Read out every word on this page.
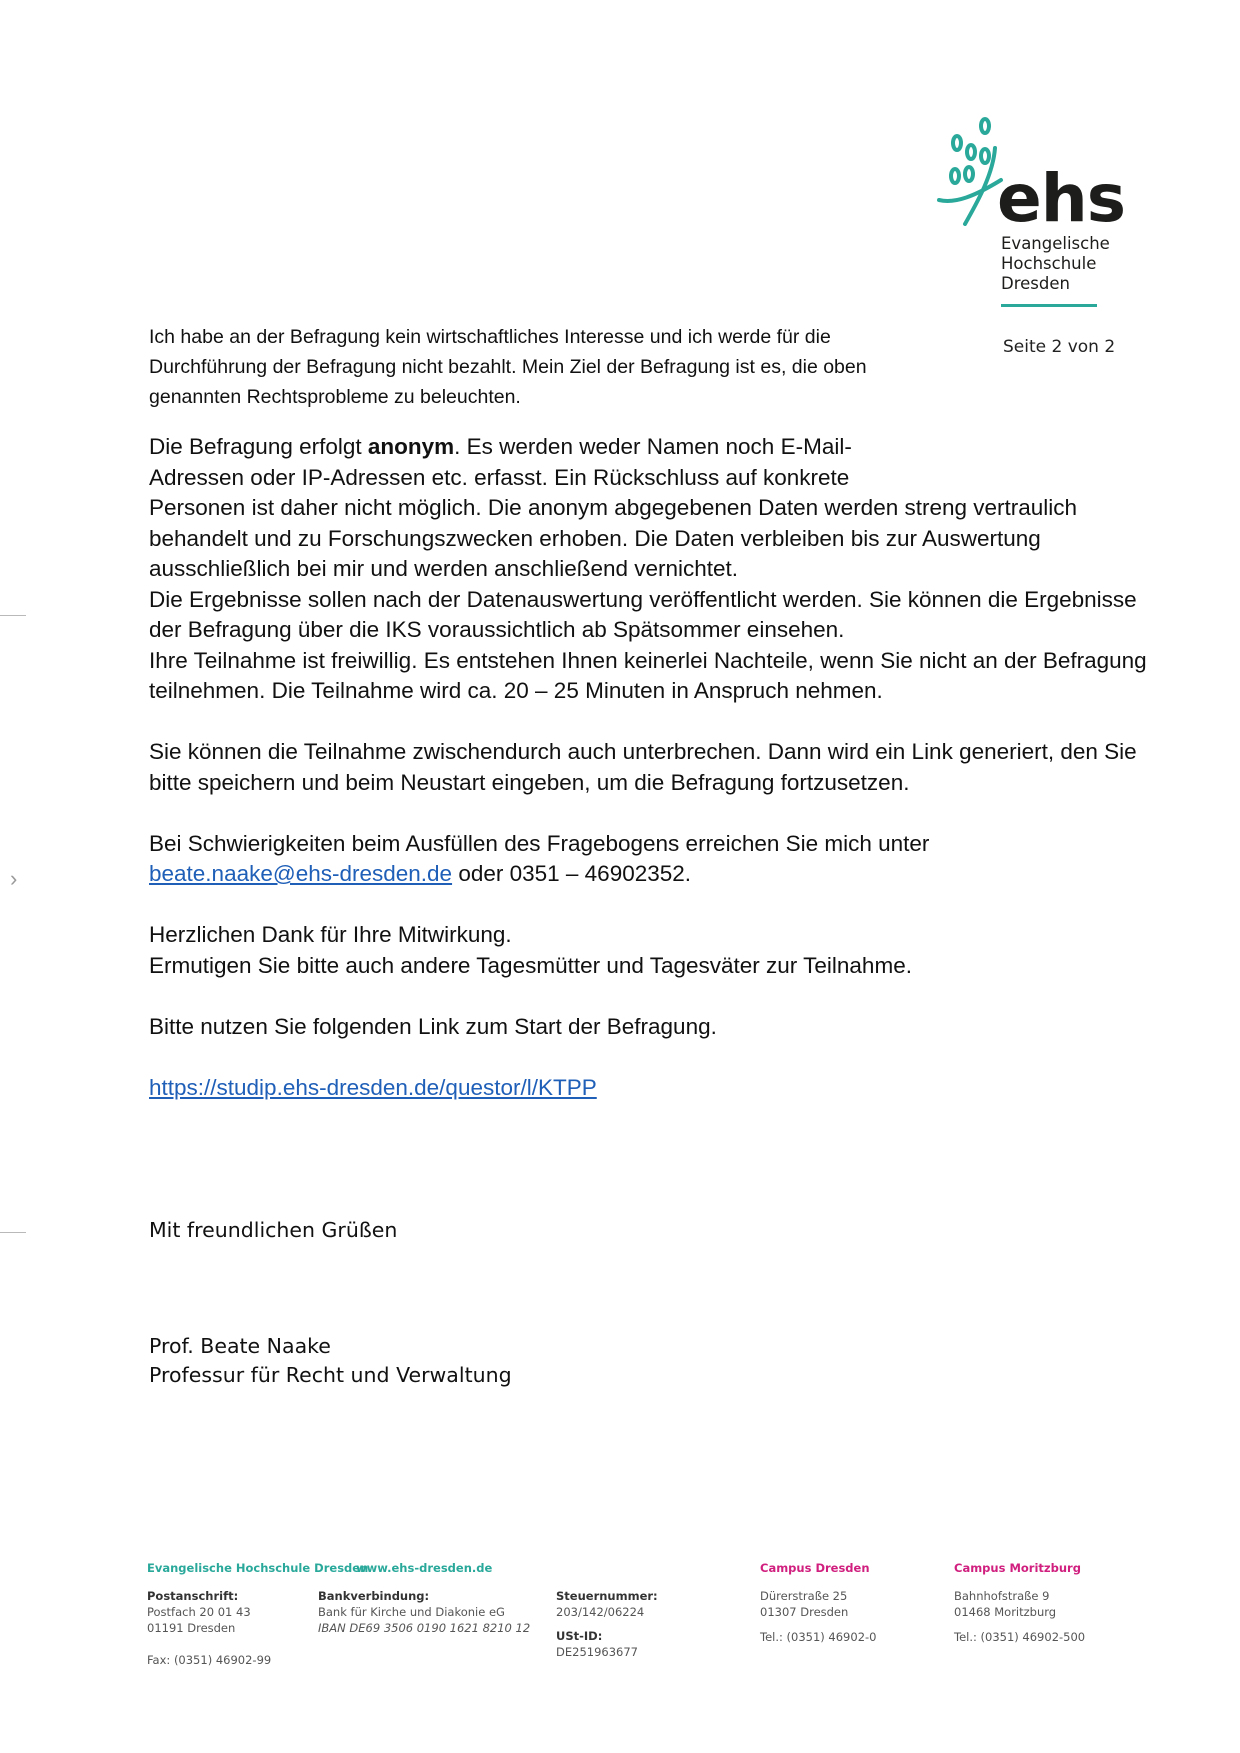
ehs
Evangelische
Hochschule
Dresden
Seite 2 von 2
Ich habe an der Befragung kein wirtschaftliches Interesse und ich werde für die Durchführung der Befragung nicht bezahlt. Mein Ziel der Befragung ist es, die oben genannten Rechtsprobleme zu beleuchten.

Die Befragung erfolgt anonym. Es werden weder Namen noch E-Mail-

Adressen oder IP-Adressen etc. erfasst. Ein Rückschluss auf konkrete

Personen ist daher nicht möglich. Die anonym abgegebenen Daten werden streng vertraulich behandelt und zu Forschungszwecken erhoben. Die Daten verbleiben bis zur Auswertung ausschließlich bei mir und werden anschließend vernichtet.

Die Ergebnisse sollen nach der Datenauswertung veröffentlicht werden. Sie können die Ergebnisse der Befragung über die IKS voraussichtlich ab Spätsommer einsehen.

Ihre Teilnahme ist freiwillig. Es entstehen Ihnen keinerlei Nachteile, wenn Sie nicht an der Befragung teilnehmen. Die Teilnahme wird ca. 20 – 25 Minuten in Anspruch nehmen.

Sie können die Teilnahme zwischendurch auch unterbrechen. Dann wird ein Link generiert, den Sie bitte speichern und beim Neustart eingeben, um die Befragung fortzusetzen.

Bei Schwierigkeiten beim Ausfüllen des Fragebogens erreichen Sie mich unter
beate.naake@ehs-dresden.de oder 0351 – 46902352.

Herzlichen Dank für Ihre Mitwirkung.

Ermutigen Sie bitte auch andere Tagesmütter und Tagesväter zur Teilnahme.

Bitte nutzen Sie folgenden Link zum Start der Befragung.

https://studip.ehs-dresden.de/questor/l/KTPP

Mit freundlichen Grüßen
Prof. Beate Naake
Professur für Recht und Verwaltung
›
Evangelische Hochschule Dresden
www.ehs-dresden.de
Postanschrift:
Postfach 20 01 43
01191 Dresden
Fax: (0351) 46902-99
Bankverbindung:
Bank für Kirche und Diakonie eG
IBAN DE69 3506 0190 1621 8210 12
Steuernummer:
203/142/06224
USt-ID:
DE251963677
Campus Dresden
Dürerstraße 25
01307 Dresden
Tel.: (0351) 46902-0
Campus Moritzburg
Bahnhofstraße 9
01468 Moritzburg
Tel.: (0351) 46902-500
